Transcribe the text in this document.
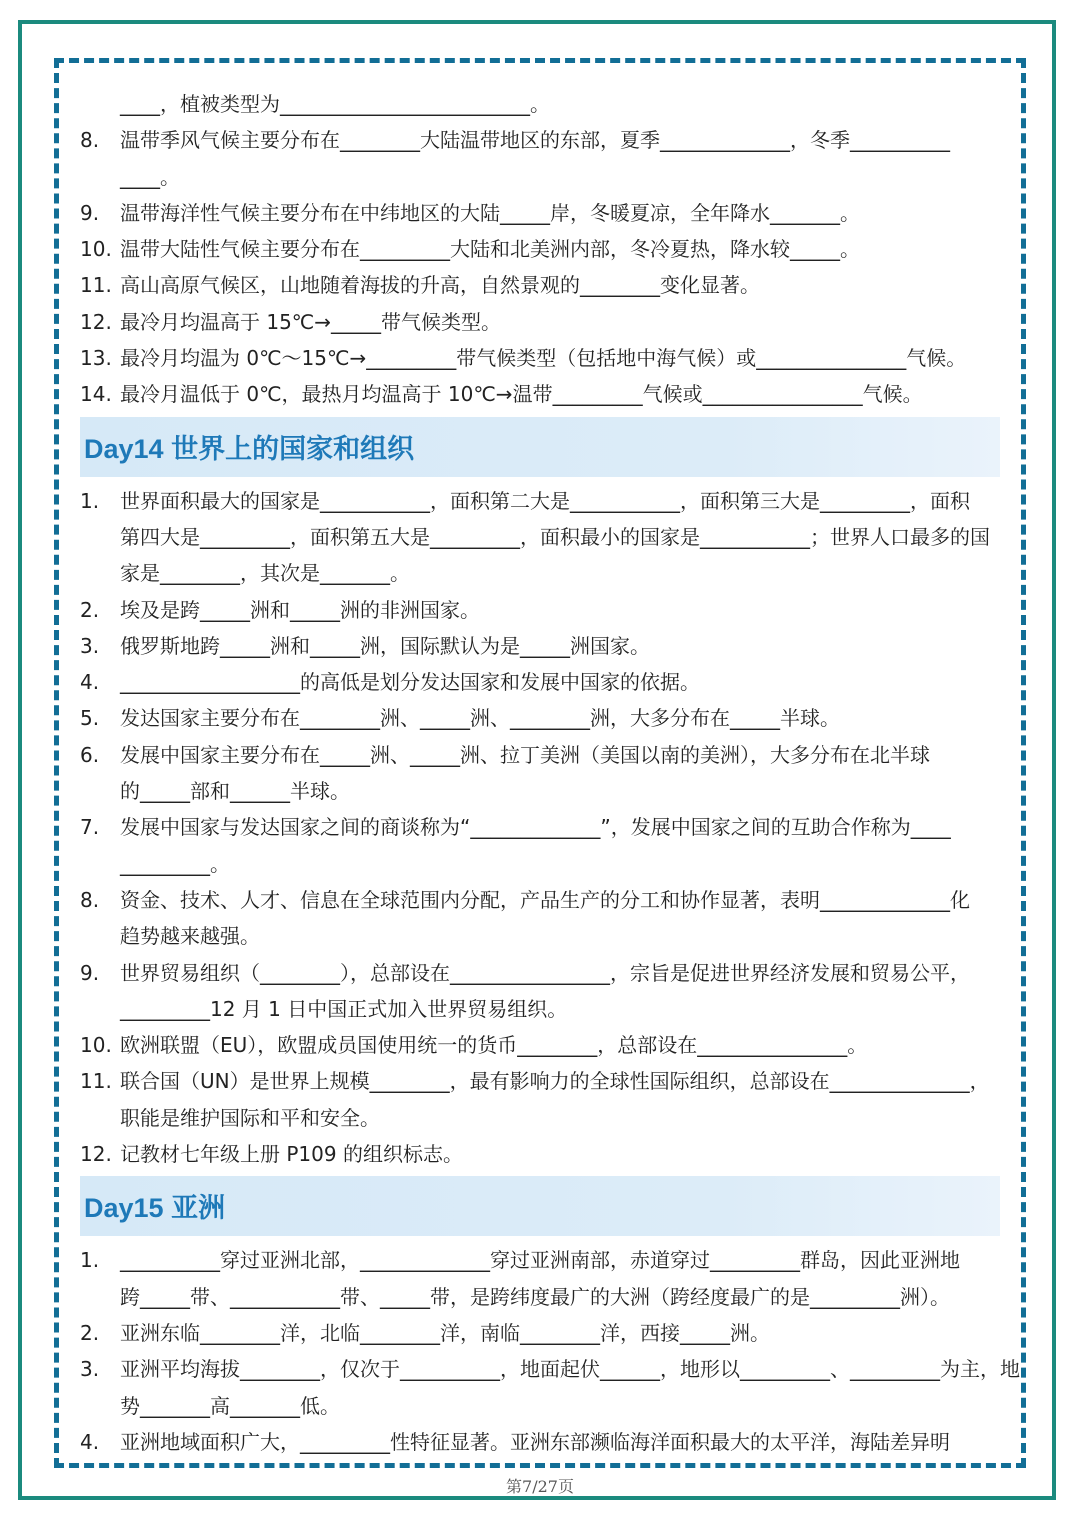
____，植被类型为_________________________。
8.	温带季风气候主要分布在________大陆温带地区的东部，夏季_____________，冬季__________
____。
9.	温带海洋性气候主要分布在中纬地区的大陆_____岸，冬暖夏凉，全年降水_______。
10. 温带大陆性气候主要分布在_________大陆和北美洲内部，冬冷夏热，降水较_____。
11. 高山高原气候区，山地随着海拔的升高，自然景观的________变化显著。
12. 最冷月均温高于 15℃→_____带气候类型。
13. 最冷月均温为 0℃～15℃→_________带气候类型（包括地中海气候）或_______________气候。
14. 最冷月温低于 0℃，最热月均温高于 10℃→温带_________气候或________________气候。
Day14 世界上的国家和组织
1.	世界面积最大的国家是___________，面积第二大是___________，面积第三大是_________，面积
第四大是_________，面积第五大是_________，面积最小的国家是___________；世界人口最多的国
家是________，其次是_______。
2.	埃及是跨_____洲和_____洲的非洲国家。
3.	俄罗斯地跨_____洲和_____洲，国际默认为是_____洲国家。
4.	__________________的高低是划分发达国家和发展中国家的依据。
5.	发达国家主要分布在________洲、_____洲、________洲，大多分布在_____半球。
6.	发展中国家主要分布在_____洲、_____洲、拉丁美洲（美国以南的美洲），大多分布在北半球
的_____部和______半球。
7.	发展中国家与发达国家之间的商谈称为“_____________”，发展中国家之间的互助合作称为____
_________。
8.	资金、技术、人才、信息在全球范围内分配，产品生产的分工和协作显著，表明_____________化
趋势越来越强。
9.	世界贸易组织（________），总部设在________________，宗旨是促进世界经济发展和贸易公平，
_________12 月 1 日中国正式加入世界贸易组织。
10. 欧洲联盟（EU），欧盟成员国使用统一的货币________，总部设在_______________。
11. 联合国（UN）是世界上规模________，最有影响力的全球性国际组织，总部设在______________，
职能是维护国际和平和安全。
12. 记教材七年级上册 P109 的组织标志。
Day15 亚洲
1.	__________穿过亚洲北部，_____________穿过亚洲南部，赤道穿过_________群岛，因此亚洲地
跨_____带、___________带、_____带，是跨纬度最广的大洲（跨经度最广的是_________洲）。
2.	亚洲东临________洋，北临________洋，南临________洋，西接_____洲。
3.	亚洲平均海拔________，仅次于__________，地面起伏______，地形以_________、_________为主，地
势_______高_______低。
4.	亚洲地域面积广大，_________性特征显著。亚洲东部濒临海洋面积最大的太平洋，海陆差异明
第7/27页
